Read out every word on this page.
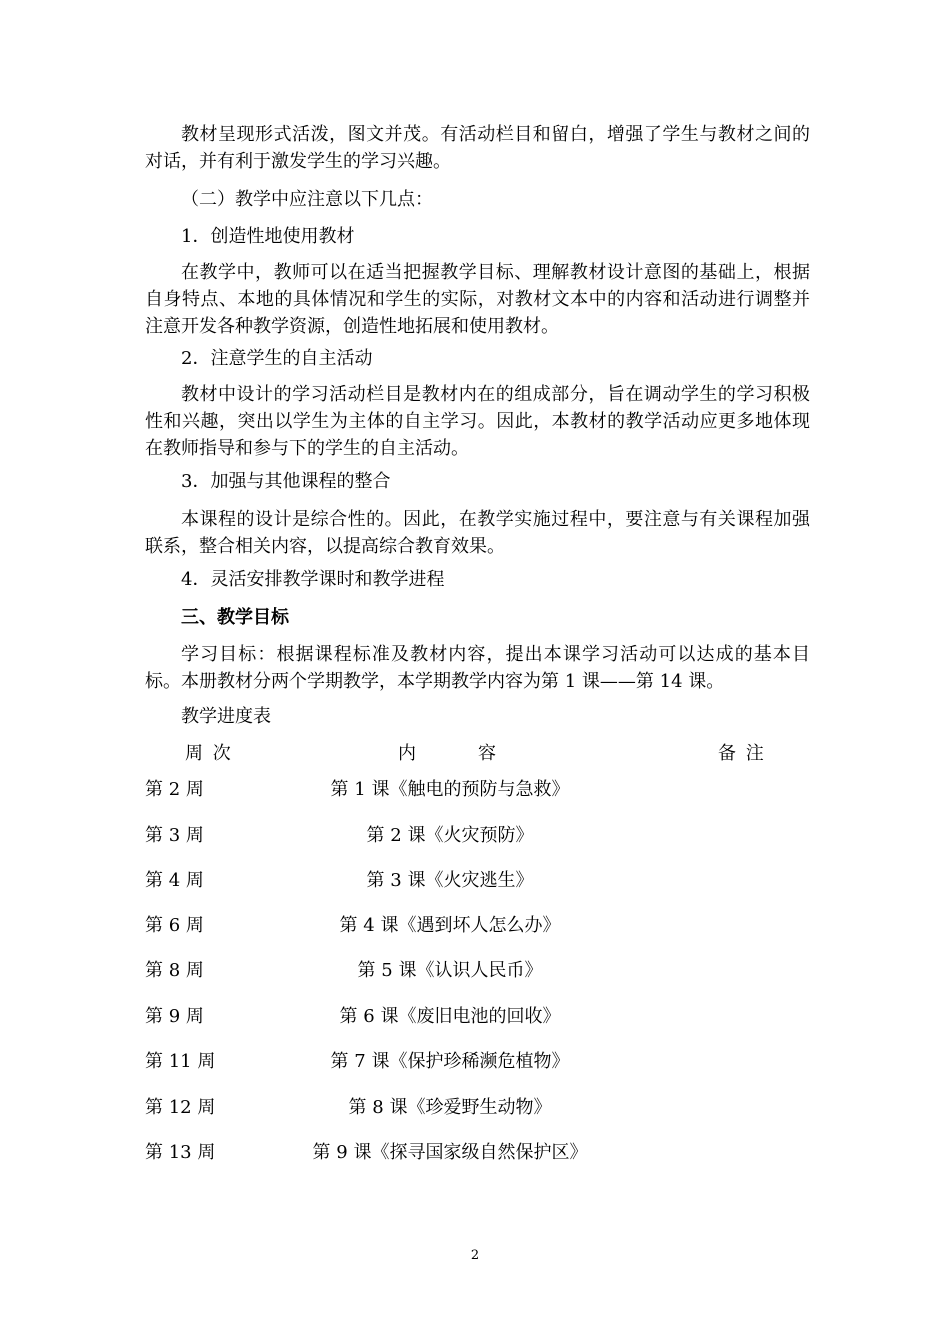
教材呈现形式活泼，图文并茂。有活动栏目和留白，增强了学生与教材之间的对话，并有利于激发学生的学习兴趣。

（二）教学中应注意以下几点：

1．创造性地使用教材

在教学中，教师可以在适当把握教学目标、理解教材设计意图的基础上，根据自身特点、本地的具体情况和学生的实际，对教材文本中的内容和活动进行调整并注意开发各种教学资源，创造性地拓展和使用教材。

2．注意学生的自主活动

教材中设计的学习活动栏目是教材内在的组成部分，旨在调动学生的学习积极性和兴趣，突出以学生为主体的自主学习。因此，本教材的教学活动应更多地体现在教师指导和参与下的学生的自主活动。

3．加强与其他课程的整合

本课程的设计是综合性的。因此，在教学实施过程中，要注意与有关课程加强联系，整合相关内容，以提高综合教育效果。

4．灵活安排教学课时和教学进程

三、教学目标

学习目标：根据课程标准及教材内容，提出本课学习活动可以达成的基本目标。本册教材分两个学期教学，本学期教学内容为第 1 课——第 14 课。

教学进度表

周 次	内　　　容	备 注
第 2 周	第 1 课《触电的预防与急救》
第 3 周	第 2 课《火灾预防》
第 4 周	第 3 课《火灾逃生》
第 6 周	第 4 课《遇到坏人怎么办》
第 8 周	第 5 课《认识人民币》
第 9 周	第 6 课《废旧电池的回收》
第 11 周	第 7 课《保护珍稀濒危植物》
第 12 周	第 8 课《珍爱野生动物》
第 13 周	第 9 课《探寻国家级自然保护区》
2
